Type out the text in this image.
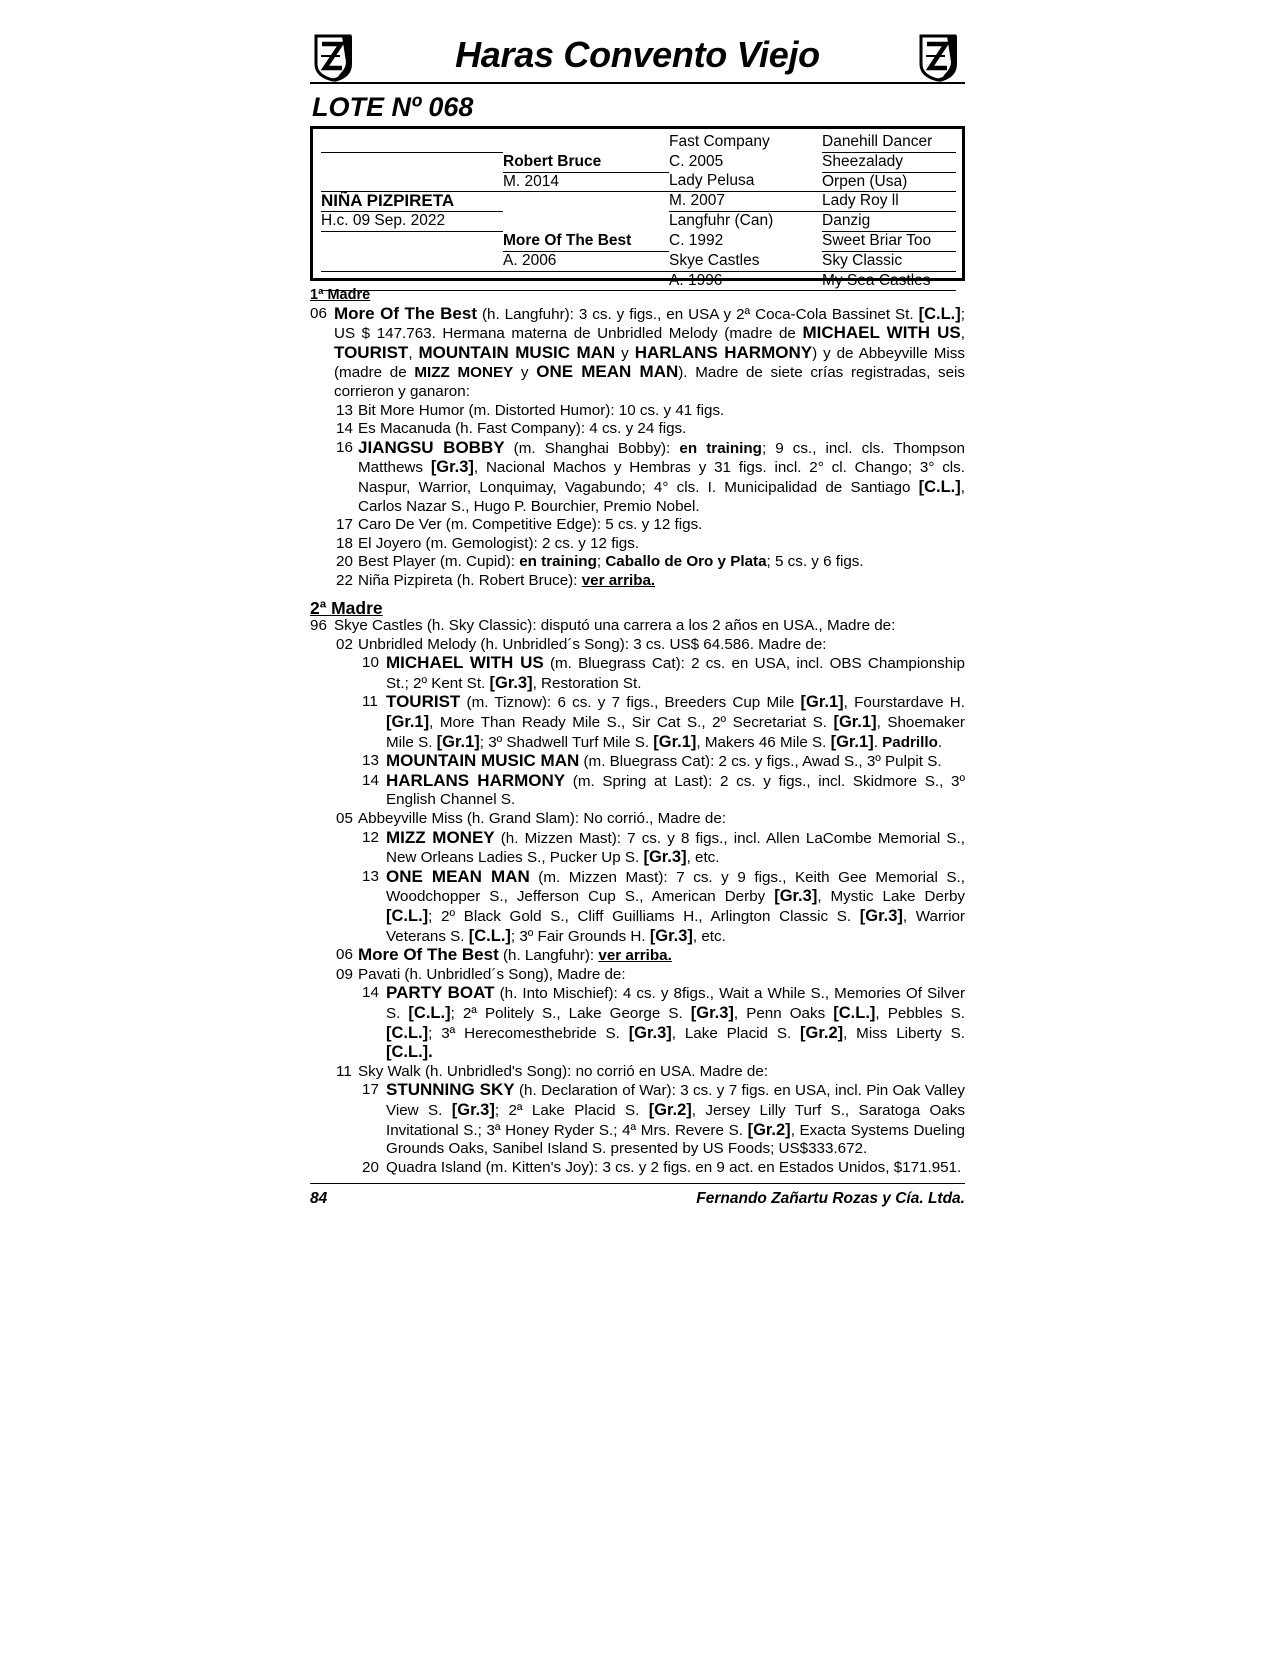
Haras Convento Viejo
LOTE Nº 068
		Fast Company	Danehill Dancer
	Robert Bruce	C. 2005	Sheezalady
	M. 2014	Lady Pelusa	Orpen (Usa)
NIÑA PIZPIRETA		M. 2007	Lady Roy ll
H.c. 09 Sep. 2022		Langfuhr (Can)	Danzig
	More Of The Best	C. 1992	Sweet Briar Too
	A. 2006	Skye Castles	Sky Classic
		A. 1996	My Sea Castles
1ª Madre
06 More Of The Best (h. Langfuhr): 3 cs. y figs., en USA y 2ª Coca-Cola Bassinet St. [C.L.]; US $ 147.763. Hermana materna de Unbridled Melody (madre de MICHAEL WITH US, TOURIST, MOUNTAIN MUSIC MAN y HARLANS HARMONY) y de Abbeyville Miss (madre de MIZZ MONEY y ONE MEAN MAN). Madre de siete crías registradas, seis corrieron y ganaron:
13 Bit More Humor (m. Distorted Humor): 10 cs. y 41 figs.
14 Es Macanuda (h. Fast Company): 4 cs. y 24 figs.
16 JIANGSU BOBBY (m. Shanghai Bobby): en training; 9 cs., incl. cls. Thompson Matthews [Gr.3], Nacional Machos y Hembras y 31 figs. incl. 2° cl. Chango; 3° cls. Naspur, Warrior, Lonquimay, Vagabundo; 4° cls. I. Municipalidad de Santiago [C.L.], Carlos Nazar S., Hugo P. Bourchier, Premio Nobel.
17 Caro De Ver (m. Competitive Edge): 5 cs. y 12 figs.
18 El Joyero (m. Gemologist): 2 cs. y 12 figs.
20 Best Player (m. Cupid): en training; Caballo de Oro y Plata; 5 cs. y 6 figs.
22 Niña Pizpireta (h. Robert Bruce): ver arriba.
2ª Madre
96 Skye Castles (h. Sky Classic): disputó una carrera a los 2 años en USA., Madre de:
02 Unbridled Melody (h. Unbridled´s Song): 3 cs. US$ 64.586. Madre de:
10 MICHAEL WITH US (m. Bluegrass Cat): 2 cs. en USA, incl. OBS Championship St.; 2º Kent St. [Gr.3], Restoration St.
11 TOURIST (m. Tiznow): 6 cs. y 7 figs., Breeders Cup Mile [Gr.1], Fourstardave H. [Gr.1], More Than Ready Mile S., Sir Cat S., 2º Secretariat S. [Gr.1], Shoemaker Mile S. [Gr.1]; 3º Shadwell Turf Mile S. [Gr.1], Makers 46 Mile S. [Gr.1]. Padrillo.
13 MOUNTAIN MUSIC MAN (m. Bluegrass Cat): 2 cs. y figs., Awad S., 3º Pulpit S.
14 HARLANS HARMONY (m. Spring at Last): 2 cs. y figs., incl. Skidmore S., 3º English Channel S.
05 Abbeyville Miss (h. Grand Slam): No corrió., Madre de:
12 MIZZ MONEY (h. Mizzen Mast): 7 cs. y 8 figs., incl. Allen LaCombe Memorial S., New Orleans Ladies S., Pucker Up S. [Gr.3], etc.
13 ONE MEAN MAN (m. Mizzen Mast): 7 cs. y 9 figs., Keith Gee Memorial S., Woodchopper S., Jefferson Cup S., American Derby [Gr.3], Mystic Lake Derby [C.L.]; 2º Black Gold S., Cliff Guilliams H., Arlington Classic S. [Gr.3], Warrior Veterans S. [C.L.]; 3º Fair Grounds H. [Gr.3], etc.
06 More Of The Best (h. Langfuhr): ver arriba.
09 Pavati (h. Unbridled´s Song), Madre de:
14 PARTY BOAT (h. Into Mischief): 4 cs. y 8figs., Wait a While S., Memories Of Silver S. [C.L.]; 2ª Politely S., Lake George S. [Gr.3], Penn Oaks [C.L.], Pebbles S. [C.L.]; 3ª Herecomesthebride S. [Gr.3], Lake Placid S. [Gr.2], Miss Liberty S. [C.L.].
11 Sky Walk (h. Unbridled's Song): no corrió en USA. Madre de:
17 STUNNING SKY (h. Declaration of War): 3 cs. y 7 figs. en USA, incl. Pin Oak Valley View S. [Gr.3]; 2ª Lake Placid S. [Gr.2], Jersey Lilly Turf S., Saratoga Oaks Invitational S.; 3ª Honey Ryder S.; 4ª Mrs. Revere S. [Gr.2], Exacta Systems Dueling Grounds Oaks, Sanibel Island S. presented by US Foods; US$333.672.
20 Quadra Island (m. Kitten's Joy): 3 cs. y 2 figs. en 9 act. en Estados Unidos, $171.951.
84	Fernando Zañartu Rozas y Cía. Ltda.
